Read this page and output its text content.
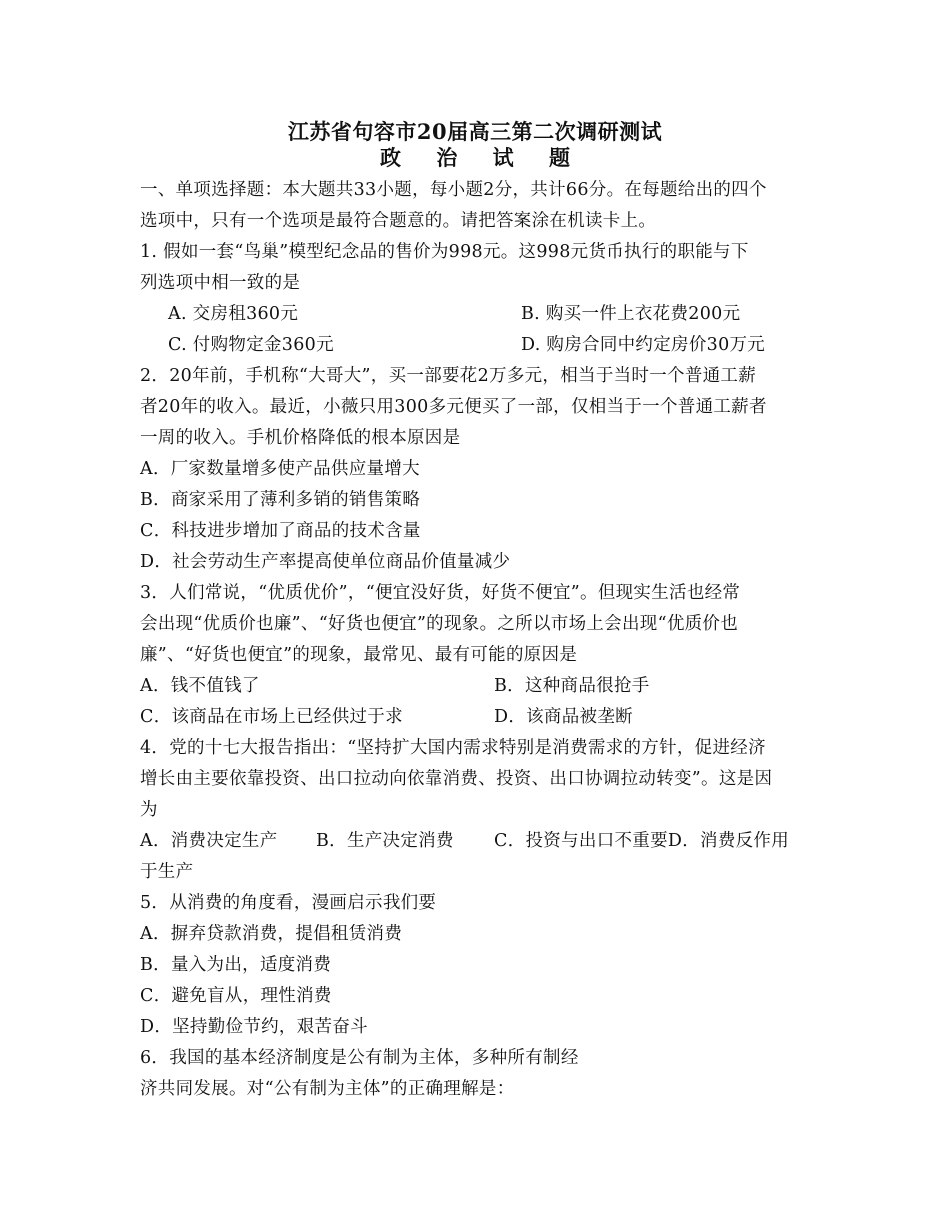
江苏省句容市20届高三第二次调研测试
政 治 试 题
一、单项选择题：本大题共33小题，每小题2分，共计66分。在每题给出的四个
选项中，只有一个选项是最符合题意的。请把答案涂在机读卡上。
1. 假如一套“鸟巢”模型纪念品的售价为998元。这998元货币执行的职能与下
列选项中相一致的是
A. 交房租360元	B. 购买一件上衣花费200元
C. 付购物定金360元	D. 购房合同中约定房价30万元
2．20年前，手机称“大哥大”，买一部要花2万多元，相当于当时一个普通工薪
者20年的收入。最近，小薇只用300多元便买了一部，仅相当于一个普通工薪者
一周的收入。手机价格降低的根本原因是
A．厂家数量增多使产品供应量增大
B．商家采用了薄利多销的销售策略
C．科技进步增加了商品的技术含量
D．社会劳动生产率提高使单位商品价值量减少
3．人们常说，“优质优价”，“便宜没好货，好货不便宜”。但现实生活也经常
会出现“优质价也廉”、“好货也便宜”的现象。之所以市场上会出现“优质价也
廉”、“好货也便宜”的现象，最常见、最有可能的原因是
A．钱不值钱了	B．这种商品很抢手
C．该商品在市场上已经供过于求	D．该商品被垄断
4．党的十七大报告指出：“坚持扩大国内需求特别是消费需求的方针，促进经济
增长由主要依靠投资、出口拉动向依靠消费、投资、出口协调拉动转变”。这是因
为
A．消费决定生产 B．生产决定消费 C．投资与出口不重要D．消费反作用
于生产
5．从消费的角度看，漫画启示我们要
A．摒弃贷款消费，提倡租赁消费
B．量入为出，适度消费
C．避免盲从，理性消费
D．坚持勤俭节约，艰苦奋斗
6．我国的基本经济制度是公有制为主体，多种所有制经
济共同发展。对“公有制为主体”的正确理解是：
